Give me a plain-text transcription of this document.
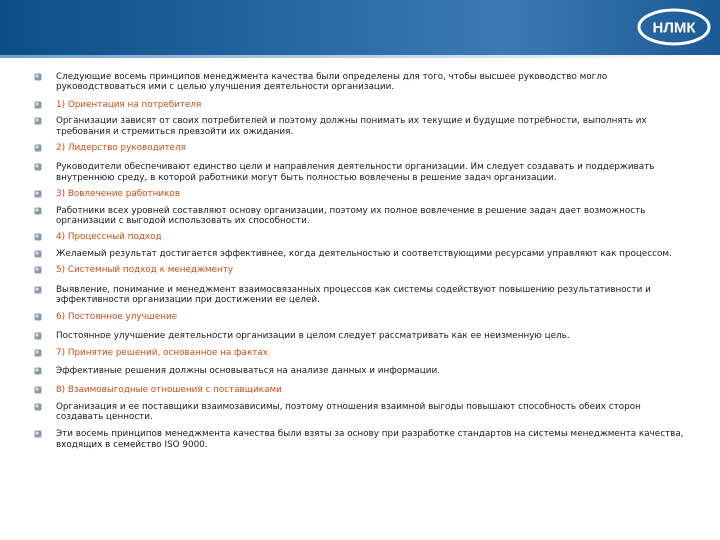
НЛМК
Следующие восемь принципов менеджмента качества были определены для того, чтобы высшее руководство могло руководствоваться ими с целью улучшения деятельности организации.
1) Ориентация на потребителя
Организации зависят от своих потребителей и поэтому должны понимать их текущие и будущие потребности, выполнять их требования и стремиться превзойти их ожидания.
2) Лидерство руководителя
Руководители обеспечивают единство цели и направления деятельности организации. Им следует создавать и поддерживать внутреннюю среду, в которой работники могут быть полностью вовлечены в решение задач организации.
3) Вовлечение работников
Работники всех уровней составляют основу организации, поэтому их полное вовлечение в решение задач дает возможность организации с выгодой использовать их способности.
4) Процессный подход
Желаемый результат достигается эффективнее, когда деятельностью и соответствующими ресурсами управляют как процессом.
5) Системный подход к менеджменту
Выявление, понимание и менеджмент взаимосвязанных процессов как системы содействуют повышению результативности и эффективности организации при достижении ее целей.
6) Постоянное улучшение
Постоянное улучшение деятельности организации в целом следует рассматривать как ее неизменную цель.
7) Принятие решений, основанное на фактах
Эффективные решения должны основываться на анализе данных и информации.
8) Взаимовыгодные отношения с поставщиками
Организация и ее поставщики взаимозависимы, поэтому отношения взаимной выгоды повышают способность обеих сторон создавать ценности.
Эти восемь принципов менеджмента качества были взяты за основу при разработке стандартов на системы менеджмента качества, входящих в семейство ISO 9000.
